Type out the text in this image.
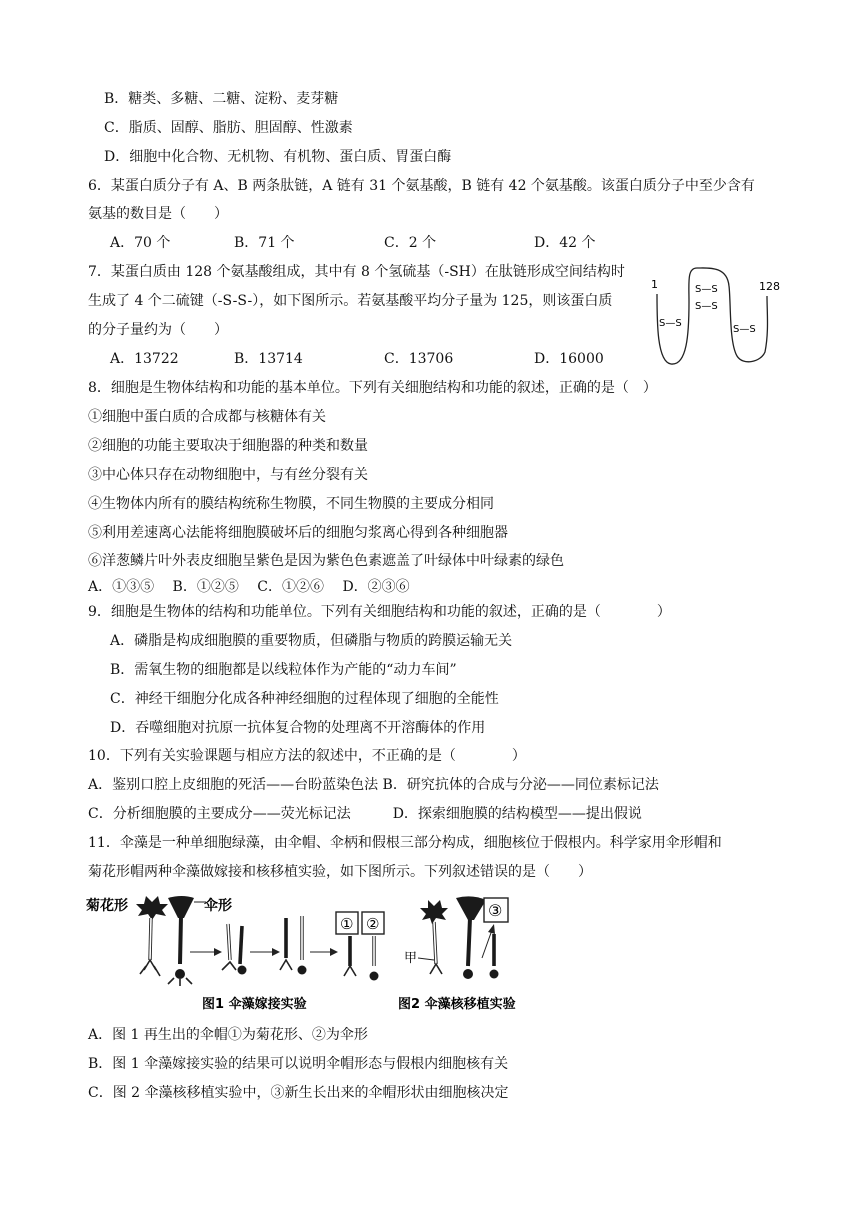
B．糖类、多糖、二糖、淀粉、麦芽糖
C．脂质、固醇、脂肪、胆固醇、性激素
D．细胞中化合物、无机物、有机物、蛋白质、胃蛋白酶
6．某蛋白质分子有 A、B 两条肽链，A 链有 31 个氨基酸，B 链有 42 个氨基酸。该蛋白质分子中至少含有
氨基的数目是（　　）
A．70 个	B．71 个	C．2 个	D．42 个
7．某蛋白质由 128 个氨基酸组成，其中有 8 个氢硫基（-SH）在肽链形成空间结构时
生成了 4 个二硫键（-S-S-），如下图所示。若氨基酸平均分子量为 125，则该蛋白质
的分子量约为（　　）
A．13722	B．13714	C．13706	D．16000
1	128
S—S
S—S
S—S
S—S
8．细胞是生物体结构和功能的基本单位。下列有关细胞结构和功能的叙述，正确的是（　）
①细胞中蛋白质的合成都与核糖体有关
②细胞的功能主要取决于细胞器的种类和数量
③中心体只存在动物细胞中，与有丝分裂有关
④生物体内所有的膜结构统称生物膜，不同生物膜的主要成分相同
⑤利用差速离心法能将细胞膜破坏后的细胞匀浆离心得到各种细胞器
⑥洋葱鳞片叶外表皮细胞呈紫色是因为紫色色素遮盖了叶绿体中叶绿素的绿色
A．①③⑤　 B．①②⑤　 C．①②⑥　 D．②③⑥
9．细胞是生物体的结构和功能单位。下列有关细胞结构和功能的叙述，正确的是（　　　　）
A．磷脂是构成细胞膜的重要物质，但磷脂与物质的跨膜运输无关
B．需氧生物的细胞都是以线粒体作为产能的“动力车间”
C．神经干细胞分化成各种神经细胞的过程体现了细胞的全能性
D．吞噬细胞对抗原一抗体复合物的处理离不开溶酶体的作用
10．下列有关实验课题与相应方法的叙述中，不正确的是（　　　　）
A．鉴别口腔上皮细胞的死活——台盼蓝染色法 B．研究抗体的合成与分泌——同位素标记法
C．分析细胞膜的主要成分——荧光标记法　　　D．探索细胞膜的结构模型——提出假说
11．伞藻是一种单细胞绿藻，由伞帽、伞柄和假根三部分构成，细胞核位于假根内。科学家用伞形帽和
菊花形帽两种伞藻做嫁接和核移植实验，如下图所示。下列叙述错误的是（　　）
菊花形	伞形
① ②
甲
③
图1 伞藻嫁接实验	图2 伞藻核移植实验
A．图 1 再生出的伞帽①为菊花形、②为伞形
B．图 1 伞藻嫁接实验的结果可以说明伞帽形态与假根内细胞核有关
C．图 2 伞藻核移植实验中，③新生长出来的伞帽形状由细胞核决定
